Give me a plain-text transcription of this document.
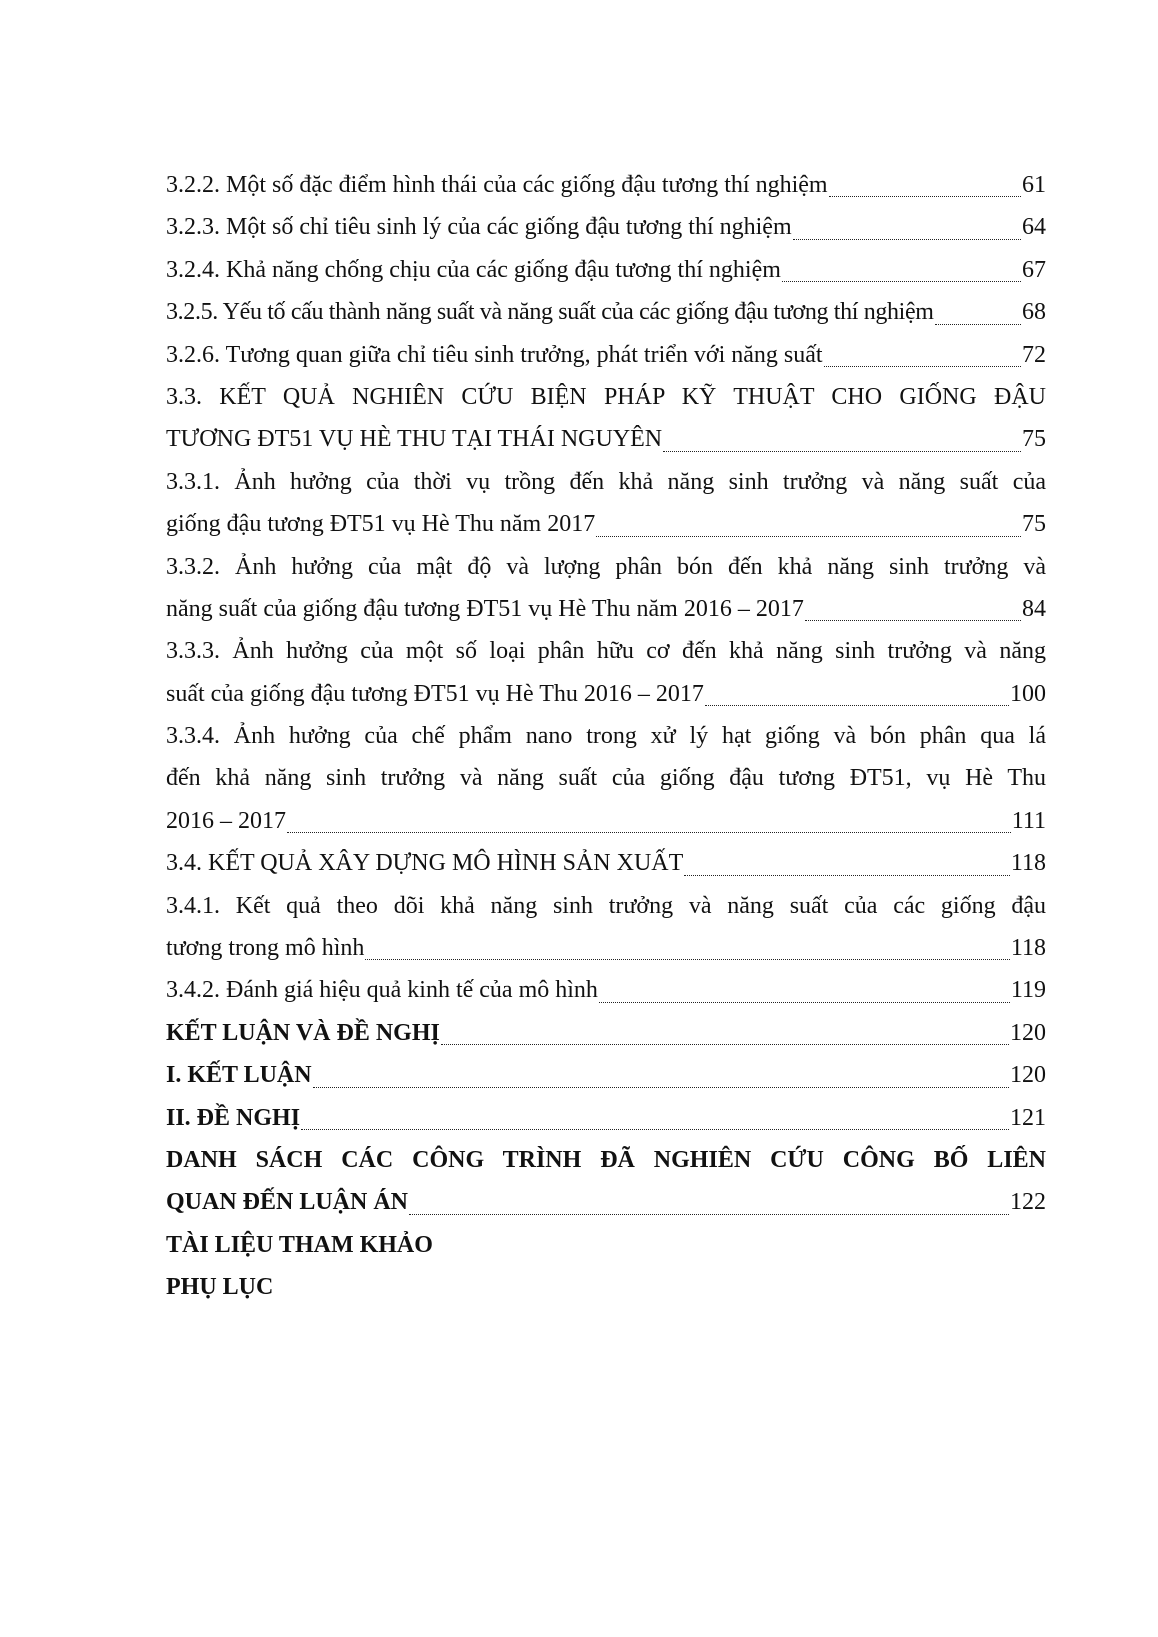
3.2.2. Một số đặc điểm hình thái của các giống đậu tương thí nghiệm	61
3.2.3. Một số chỉ tiêu sinh lý của các giống đậu tương thí nghiệm	64
3.2.4. Khả năng chống chịu của các giống đậu tương thí nghiệm	67
3.2.5. Yếu tố cấu thành năng suất và năng suất của các giống đậu tương thí nghiệm	68
3.2.6. Tương quan giữa chỉ tiêu sinh trưởng, phát triển với năng suất	72
3.3. KẾT QUẢ NGHIÊN CỨU BIỆN PHÁP KỸ THUẬT CHO GIỐNG ĐẬU
TƯƠNG ĐT51 VỤ HÈ THU TẠI THÁI NGUYÊN	75
3.3.1. Ảnh hưởng của thời vụ trồng đến khả năng sinh trưởng và năng suất của
giống đậu tương ĐT51 vụ Hè Thu năm 2017	75
3.3.2. Ảnh hưởng của mật độ và lượng phân bón đến khả năng sinh trưởng và
năng suất của giống đậu tương ĐT51 vụ Hè Thu năm 2016 – 2017	84
3.3.3. Ảnh hưởng của một số loại phân hữu cơ đến khả năng sinh trưởng và năng
suất của giống đậu tương ĐT51 vụ Hè Thu 2016 – 2017	100
3.3.4. Ảnh hưởng của chế phẩm nano trong xử lý hạt giống và bón phân qua lá
đến khả năng sinh trưởng và năng suất của giống đậu tương ĐT51, vụ Hè Thu
2016 – 2017	111
3.4. KẾT QUẢ XÂY DỰNG MÔ HÌNH SẢN XUẤT	118
3.4.1. Kết quả theo dõi khả năng sinh trưởng và năng suất của các giống đậu
tương trong mô hình	118
3.4.2. Đánh giá hiệu quả kinh tế của mô hình	119
KẾT LUẬN VÀ ĐỀ NGHỊ	120
I. KẾT LUẬN	120
II. ĐỀ NGHỊ	121
DANH SÁCH CÁC CÔNG TRÌNH ĐÃ NGHIÊN CỨU CÔNG BỐ LIÊN
QUAN ĐẾN LUẬN ÁN	122
TÀI LIỆU THAM KHẢO
PHỤ LỤC
